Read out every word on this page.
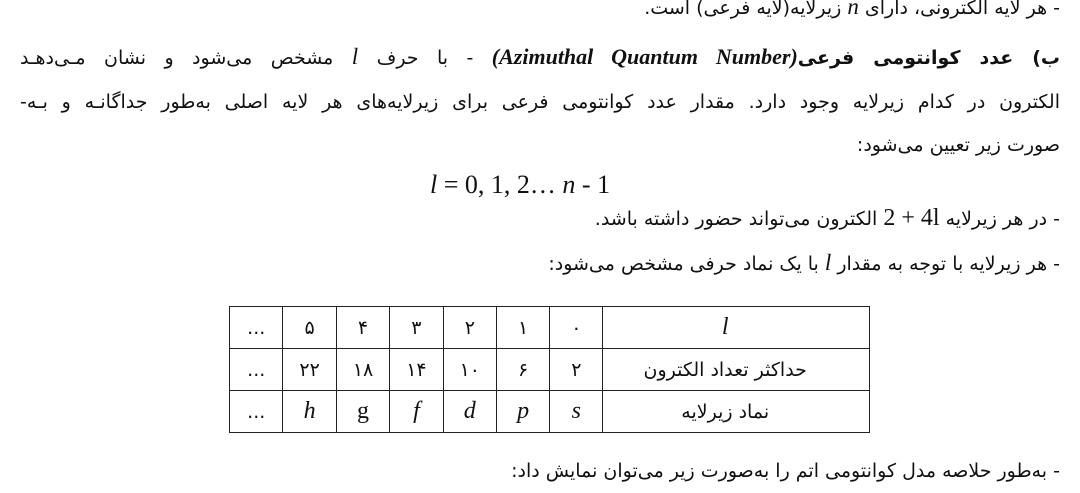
- هر لایه الکترونی، دارای n زیرلایه(لایه فرعی) است.
ب) عدد کوانتومی فرعی(Azimuthal Quantum Number) - با حرف l مشخص می‌شود و نشان مـی‌دهـد
الکترون در کدام زیرلایه وجود دارد. مقدار عدد کوانتومی فرعی برای زیرلایه‌های هر لایه اصلی به‌طور جداگانـه و بـه-
صورت زیر تعیین می‌شود:
l = 0, 1, 2… n - 1
- در هر زیرلایه 2 + 4l الکترون می‌تواند حضور داشته باشد.
- هر زیرلایه با توجه به مقدار l با یک نماد حرفی مشخص می‌شود:
l	۰	۱	۲	۳	۴	۵	...
حداکثر تعداد الکترون	۲	۶	۱۰	۱۴	۱۸	۲۲	...
نماد زیرلایه	s	p	d	f	g	h	...
- به‌طور حلاصه مدل کوانتومی اتم را به‌صورت زیر می‌توان نمایش داد:
